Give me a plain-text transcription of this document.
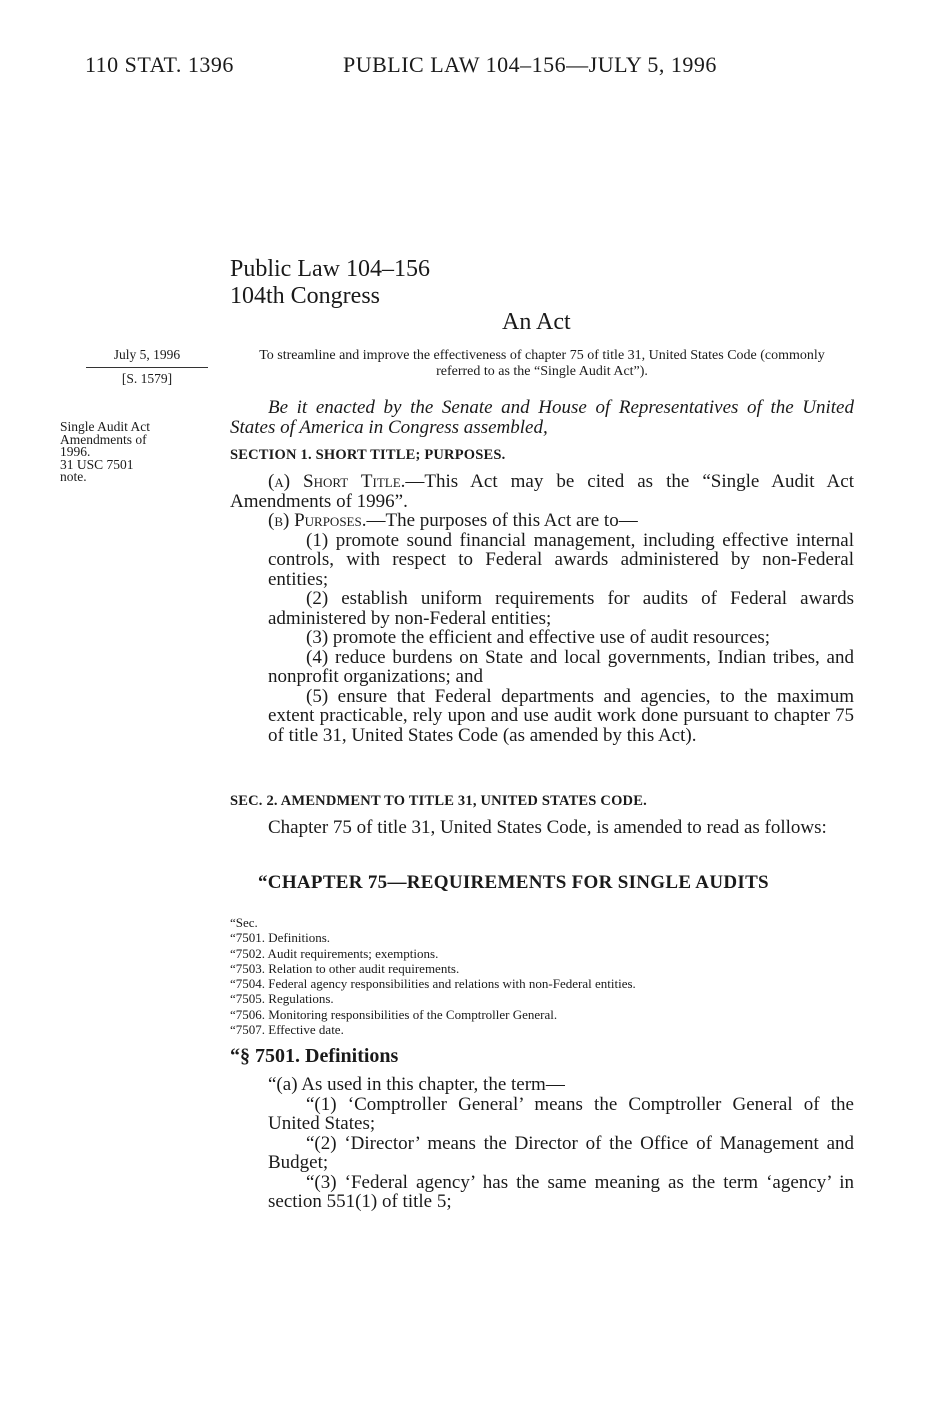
110 STAT. 1396	PUBLIC LAW 104–156—JULY 5, 1996
Public Law 104–156
104th Congress
An Act
July 5, 1996
[S. 1579]
Single Audit Act
Amendments of
1996.
31 USC 7501
note.
To streamline and improve the effectiveness of chapter 75 of title 31, United States Code (commonly referred to as the “Single Audit Act”).

Be it enacted by the Senate and House of Representatives of the United States of America in Congress assembled,

SECTION 1. SHORT TITLE; PURPOSES.

(a) Short Title.—This Act may be cited as the “Single Audit Act Amendments of 1996”.

(b) Purposes.—The purposes of this Act are to—

(1) promote sound financial management, including effective internal controls, with respect to Federal awards administered by non-Federal entities;

(2) establish uniform requirements for audits of Federal awards administered by non-Federal entities;

(3) promote the efficient and effective use of audit resources;

(4) reduce burdens on State and local governments, Indian tribes, and nonprofit organizations; and

(5) ensure that Federal departments and agencies, to the maximum extent practicable, rely upon and use audit work done pursuant to chapter 75 of title 31, United States Code (as amended by this Act).

SEC. 2. AMENDMENT TO TITLE 31, UNITED STATES CODE.

Chapter 75 of title 31, United States Code, is amended to read as follows:

“CHAPTER 75—REQUIREMENTS FOR SINGLE AUDITS
“Sec.
“7501. Definitions.
“7502. Audit requirements; exemptions.
“7503. Relation to other audit requirements.
“7504. Federal agency responsibilities and relations with non-Federal entities.
“7505. Regulations.
“7506. Monitoring responsibilities of the Comptroller General.
“7507. Effective date.
“§ 7501. Definitions

“(a) As used in this chapter, the term—

“(1) ‘Comptroller General’ means the Comptroller General of the United States;

“(2) ‘Director’ means the Director of the Office of Management and Budget;

“(3) ‘Federal agency’ has the same meaning as the term ‘agency’ in section 551(1) of title 5;
